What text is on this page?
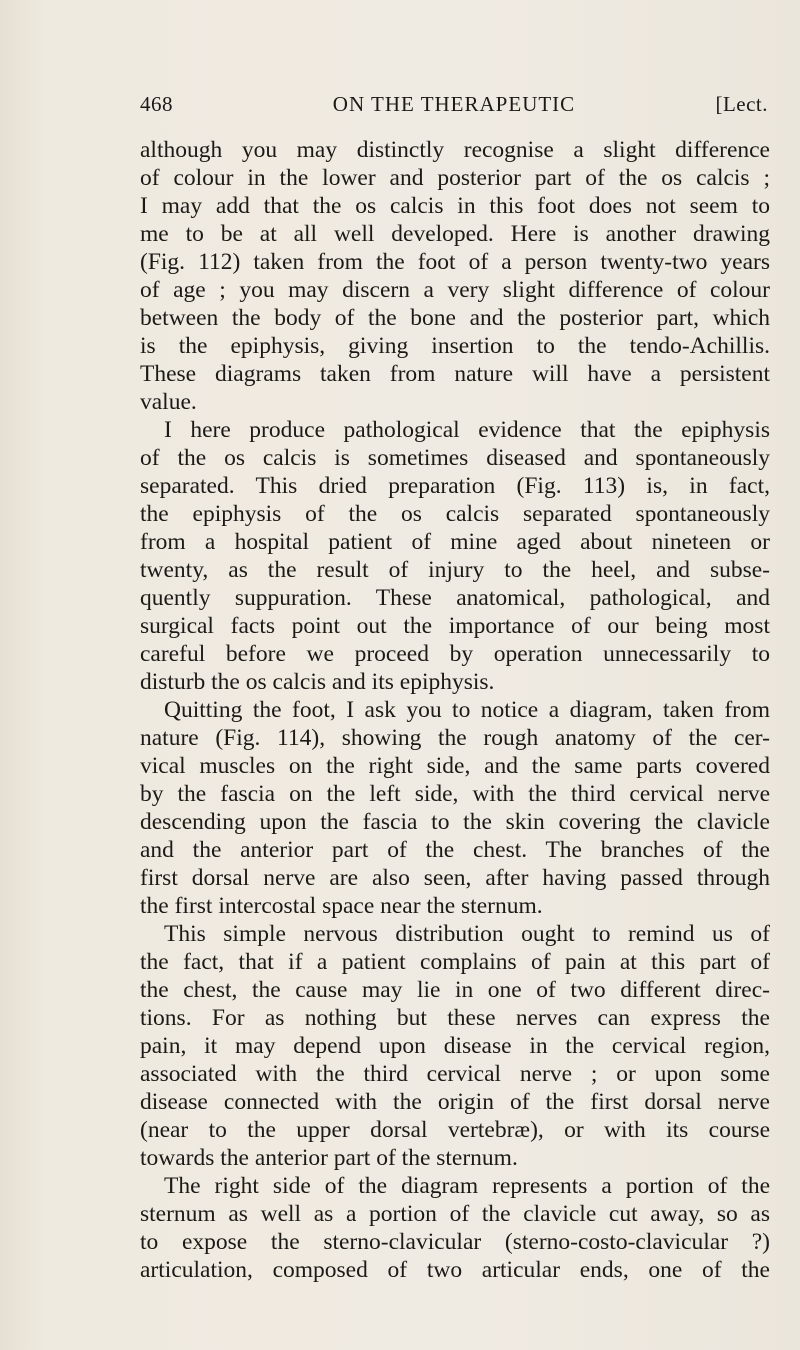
468	ON THE THERAPEUTIC	[Lect.
although you may distinctly recognise a slight difference
of colour in the lower and posterior part of the os calcis ;
I may add that the os calcis in this foot does not seem to
me to be at all well developed. Here is another drawing
(Fig. 112) taken from the foot of a person twenty-two years
of age ; you may discern a very slight difference of colour
between the body of the bone and the posterior part, which
is the epiphysis, giving insertion to the tendo-Achillis.
These diagrams taken from nature will have a persistent
value.
I here produce pathological evidence that the epiphysis
of the os calcis is sometimes diseased and spontaneously
separated. This dried preparation (Fig. 113) is, in fact,
the epiphysis of the os calcis separated spontaneously
from a hospital patient of mine aged about nineteen or
twenty, as the result of injury to the heel, and subse-
quently suppuration. These anatomical, pathological, and
surgical facts point out the importance of our being most
careful before we proceed by operation unnecessarily to
disturb the os calcis and its epiphysis.
Quitting the foot, I ask you to notice a diagram, taken from
nature (Fig. 114), showing the rough anatomy of the cer-
vical muscles on the right side, and the same parts covered
by the fascia on the left side, with the third cervical nerve
descending upon the fascia to the skin covering the clavicle
and the anterior part of the chest. The branches of the
first dorsal nerve are also seen, after having passed through
the first intercostal space near the sternum.
This simple nervous distribution ought to remind us of
the fact, that if a patient complains of pain at this part of
the chest, the cause may lie in one of two different direc-
tions. For as nothing but these nerves can express the
pain, it may depend upon disease in the cervical region,
associated with the third cervical nerve ; or upon some
disease connected with the origin of the first dorsal nerve
(near to the upper dorsal vertebræ), or with its course
towards the anterior part of the sternum.
The right side of the diagram represents a portion of the
sternum as well as a portion of the clavicle cut away, so as
to expose the sterno-clavicular (sterno-costo-clavicular ?)
articulation, composed of two articular ends, one of the
